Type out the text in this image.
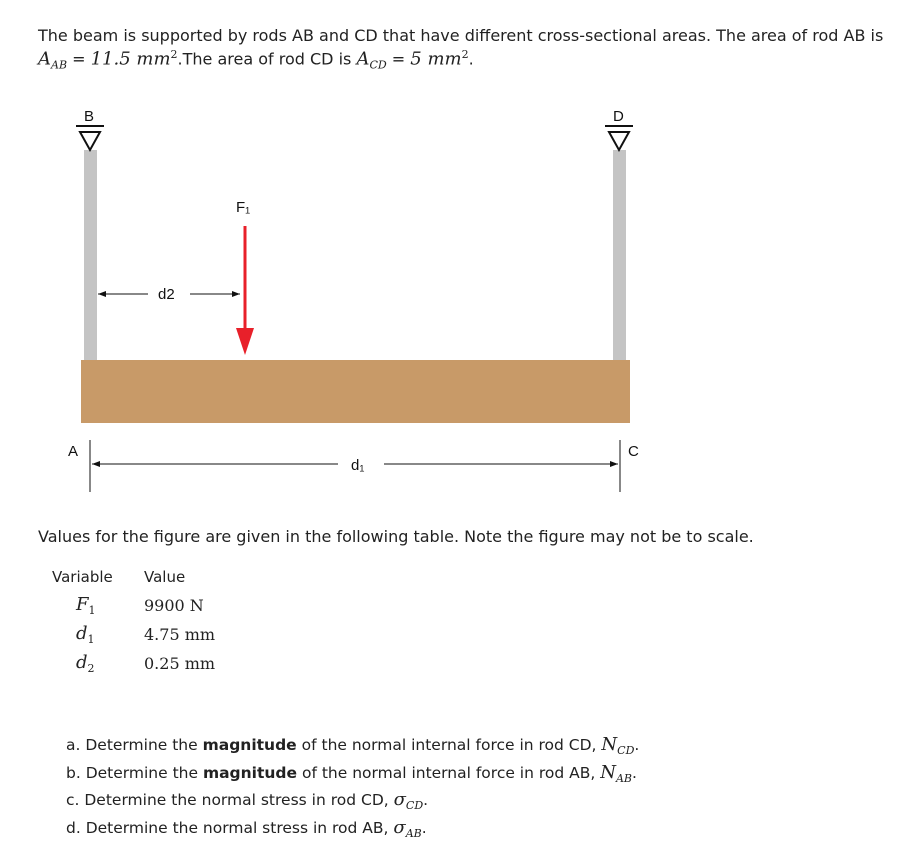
The beam is supported by rods AB and CD that have different cross-sectional areas. The area of rod AB is
$A_{AB} = 11.5$ $mm^2.The$ area of rod CD is $A_{CD} = 5$ $mm^2$.
B	D
F₁
d2
d₁
A	C
Values for the figure are given in the following table. Note the figure may not be to scale.
Variable	Value
$F_1$	9900 N
$d_1$	4.75 mm
$d_2$	0.25 mm
a. Determine the magnitude of the normal internal force in rod CD, $N_{CD}$.
b. Determine the magnitude of the normal internal force in rod AB, $N_{AB}$.
c. Determine the normal stress in rod CD, $\sigma_{CD}$.
d. Determine the normal stress in rod AB, $\sigma_{AB}$.
